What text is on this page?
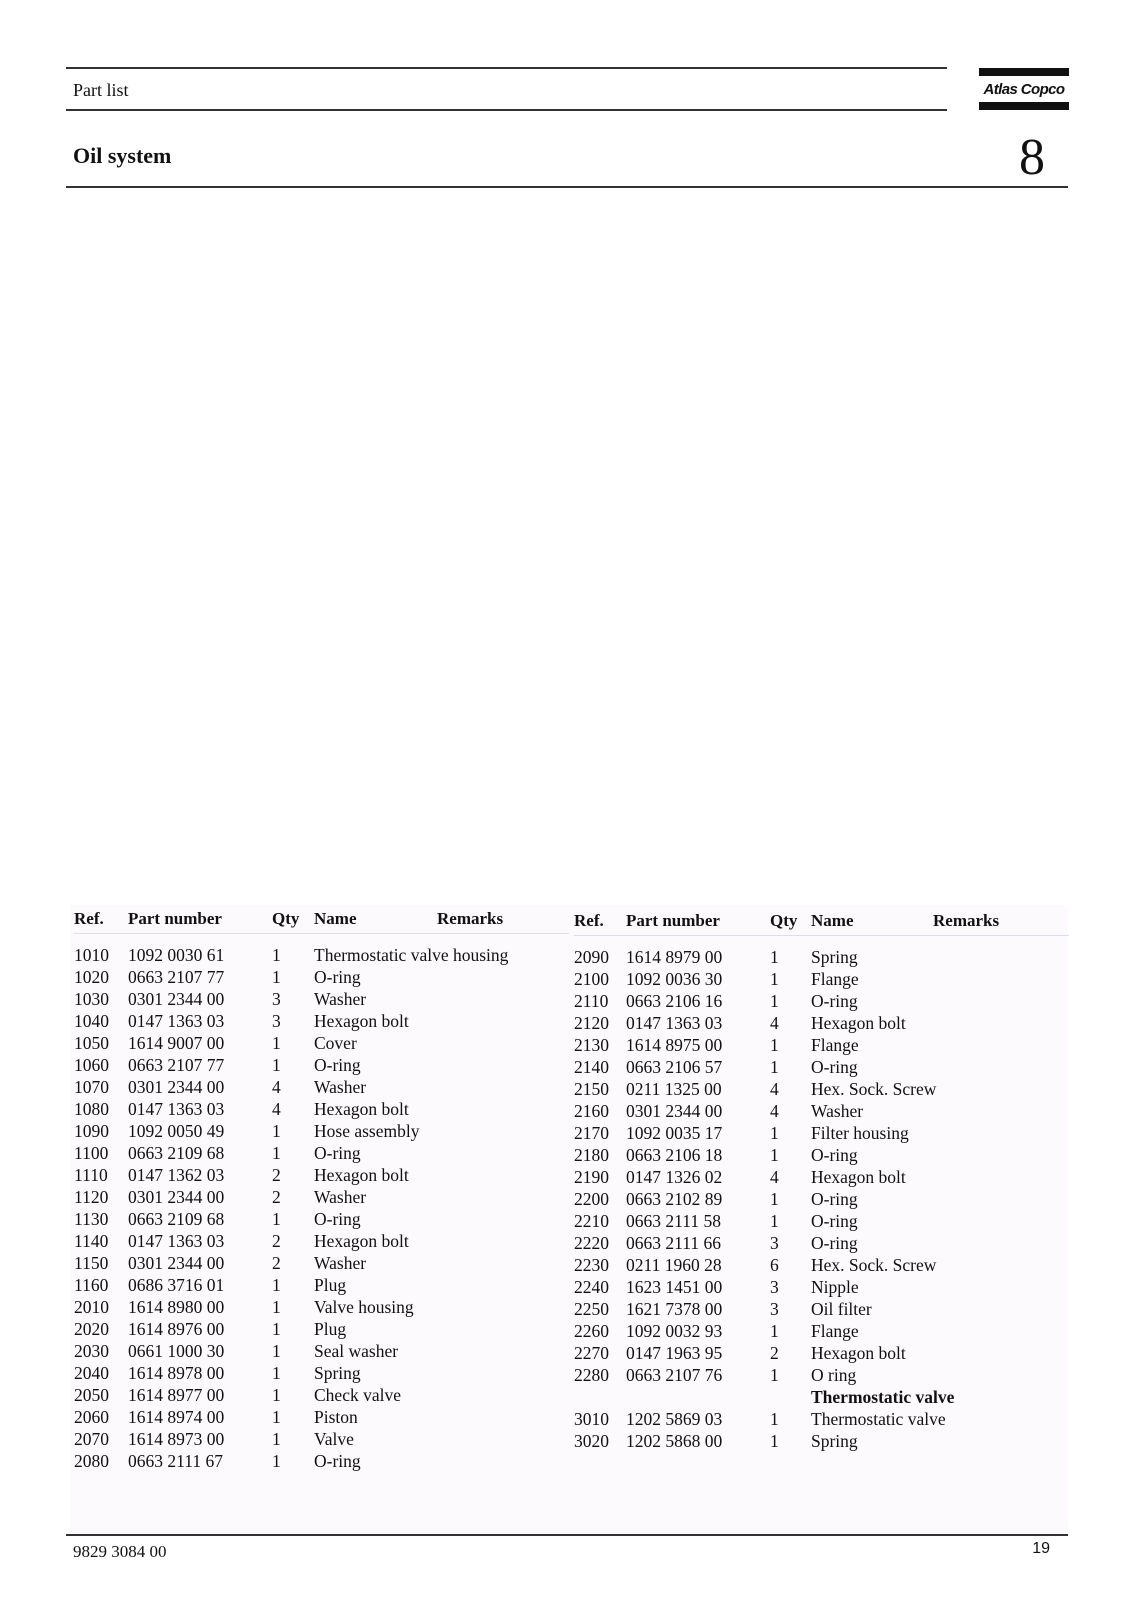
Part list	Atlas Copco
Oil system	8
Ref. Part number	Qty Name	Remarks
1010 1092 0030 61	1 Thermostatic valve housing
1020 0663 2107 77	1 O-ring
1030 0301 2344 00	3 Washer
1040 0147 1363 03	3 Hexagon bolt
1050 1614 9007 00	1 Cover
1060 0663 2107 77	1 O-ring
1070 0301 2344 00	4 Washer
1080 0147 1363 03	4 Hexagon bolt
1090 1092 0050 49	1 Hose assembly
1100 0663 2109 68	1 O-ring
1110 0147 1362 03	2 Hexagon bolt
1120 0301 2344 00	2 Washer
1130 0663 2109 68	1 O-ring
1140 0147 1363 03	2 Hexagon bolt
1150 0301 2344 00	2 Washer
1160 0686 3716 01	1 Plug
2010 1614 8980 00	1 Valve housing
2020 1614 8976 00	1 Plug
2030 0661 1000 30	1 Seal washer
2040 1614 8978 00	1 Spring
2050 1614 8977 00	1 Check valve
2060 1614 8974 00	1 Piston
2070 1614 8973 00	1 Valve
2080 0663 2111 67	1 O-ring
Ref. Part number	Qty Name	Remarks
2090 1614 8979 00	1 Spring
2100 1092 0036 30	1 Flange
2110 0663 2106 16	1 O-ring
2120 0147 1363 03	4 Hexagon bolt
2130 1614 8975 00	1 Flange
2140 0663 2106 57	1 O-ring
2150 0211 1325 00	4 Hex. Sock. Screw
2160 0301 2344 00	4 Washer
2170 1092 0035 17	1 Filter housing
2180 0663 2106 18	1 O-ring
2190 0147 1326 02	4 Hexagon bolt
2200 0663 2102 89	1 O-ring
2210 0663 2111 58	1 O-ring
2220 0663 2111 66	3 O-ring
2230 0211 1960 28	6 Hex. Sock. Screw
2240 1623 1451 00	3 Nipple
2250 1621 7378 00	3 Oil filter
2260 1092 0032 93	1 Flange
2270 0147 1963 95	2 Hexagon bolt
2280 0663 2107 76	1 O ring
Thermostatic valve
3010 1202 5869 03	1 Thermostatic valve
3020 1202 5868 00	1 Spring
9829 3084 00	19
